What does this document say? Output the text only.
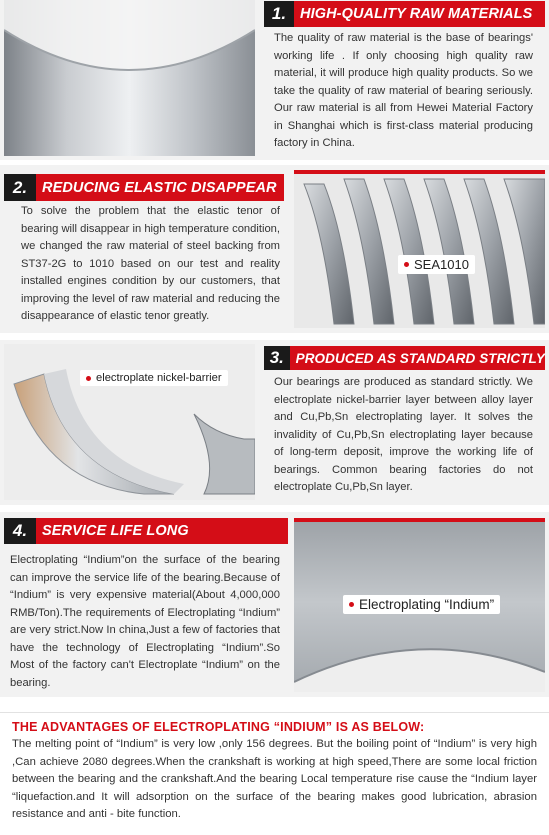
1. HIGH-QUALITY RAW MATERIALS
The quality of raw material is the base of bearings' working life . If only choosing high quality raw material, it will produce high quality products. So we take the quality of raw material of bearing seriously. Our raw material is all from Hewei Material Factory in Shanghai which is first-class material producing factory in China.
2.	REDUCING ELASTIC DISAPPEAR
To solve the problem that the elastic tenor of bearing will disappear in high temperature condition, we changed the raw material of steel backing from ST37-2G to 1010 based on our test and reality installed engines condition by our customers, that improving the level of raw material and reducing the disappearance of elastic tenor greatly.
SEA1010
electroplate nickel-barrier
3. PRODUCED AS STANDARD STRICTLY
Our bearings are produced as standard strictly. We electroplate nickel-barrier layer between alloy layer and Cu,Pb,Sn electroplating layer. It solves the invalidity of Cu,Pb,Sn electroplating layer because of long-term deposit, improve the working life of bearings. Common bearing factories do not electroplate Cu,Pb,Sn layer.
4.	SERVICE LIFE LONG
Electroplating “Indium”on the surface of the bearing can improve the service life of the bearing.Because of “Indium” is very expensive material(About 4,000,000 RMB/Ton).The requirements of Electroplating “Indium” are very strict.Now In china,Just a few of factories that have the technology of Electroplating “Indium”.So Most of the factory can't Electroplate “Indium” on the bearing.
Electroplating “Indium”
THE ADVANTAGES OF ELECTROPLATING “INDIUM” IS AS BELOW:
The melting point of “Indium” is very low ,only 156 degrees. But the boiling point of “Indium” is very high ,Can achieve 2080 degrees.When the crankshaft is working at high speed,There are some local friction between the bearing and the crankshaft.And the bearing Local temperature rise cause the “Indium layer “liquefaction.and It will adsorption on the surface of the bearing makes good lubrication, abrasion resistance and anti - bite function.
